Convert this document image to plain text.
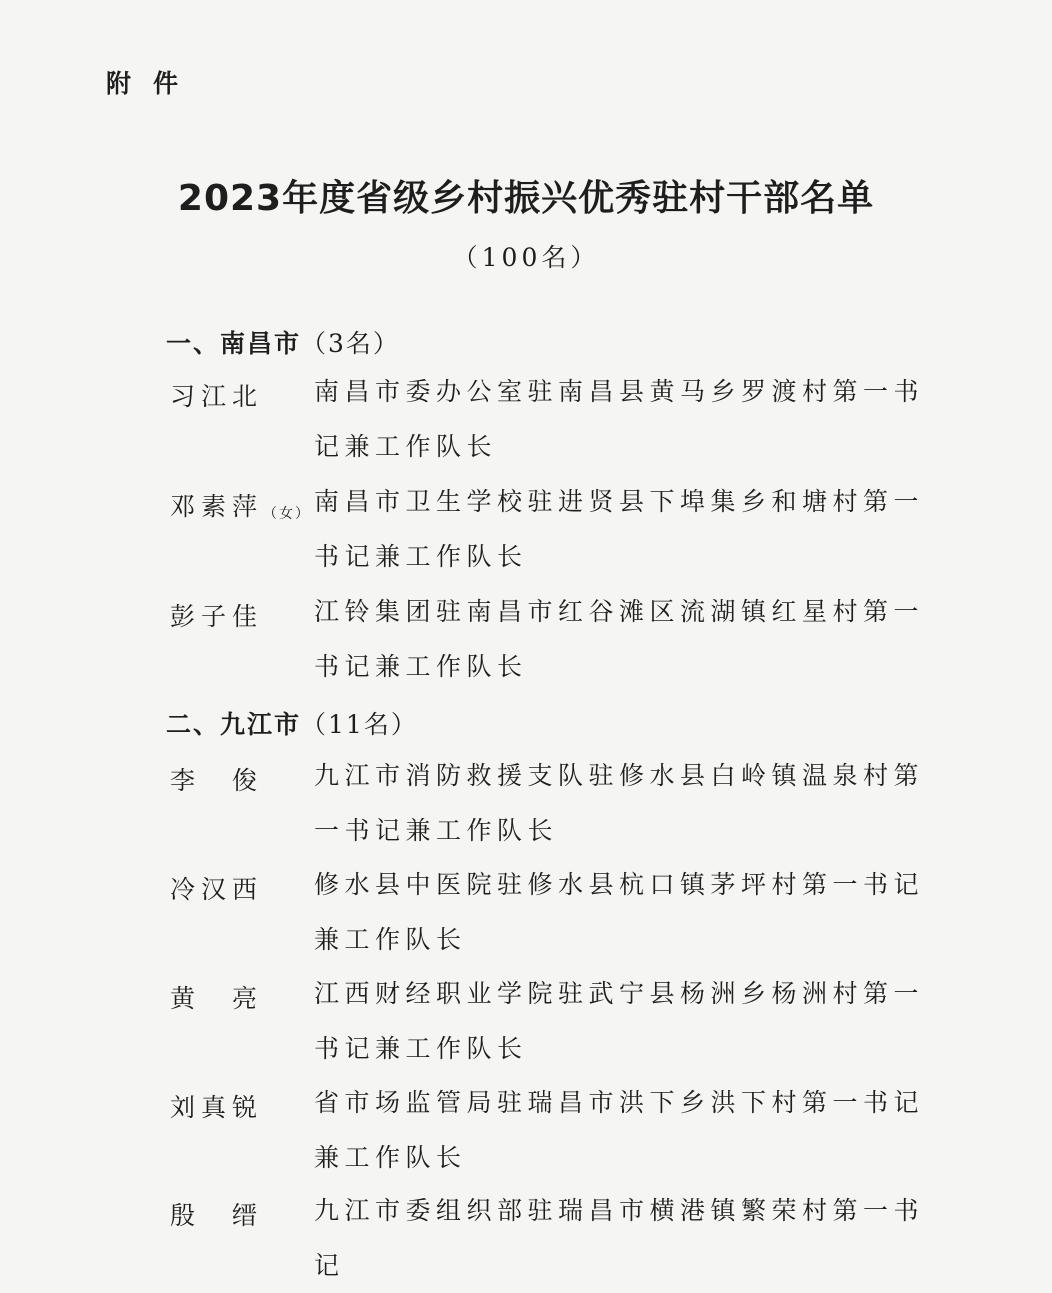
附件
2023年度省级乡村振兴优秀驻村干部名单
（100名）
一、南昌市（3名）
习江北 南昌市委办公室驻南昌县黄马乡罗渡村第一书记兼工作队长
邓素萍（女） 南昌市卫生学校驻进贤县下埠集乡和塘村第一书记兼工作队长
彭子佳 江铃集团驻南昌市红谷滩区流湖镇红星村第一书记兼工作队长
二、九江市（11名）
李　俊 九江市消防救援支队驻修水县白岭镇温泉村第一书记兼工作队长
冷汉西 修水县中医院驻修水县杭口镇茅坪村第一书记兼工作队长
黄　亮 江西财经职业学院驻武宁县杨洲乡杨洲村第一书记兼工作队长
刘真锐 省市场监管局驻瑞昌市洪下乡洪下村第一书记兼工作队长
殷　缙 九江市委组织部驻瑞昌市横港镇繁荣村第一书记
